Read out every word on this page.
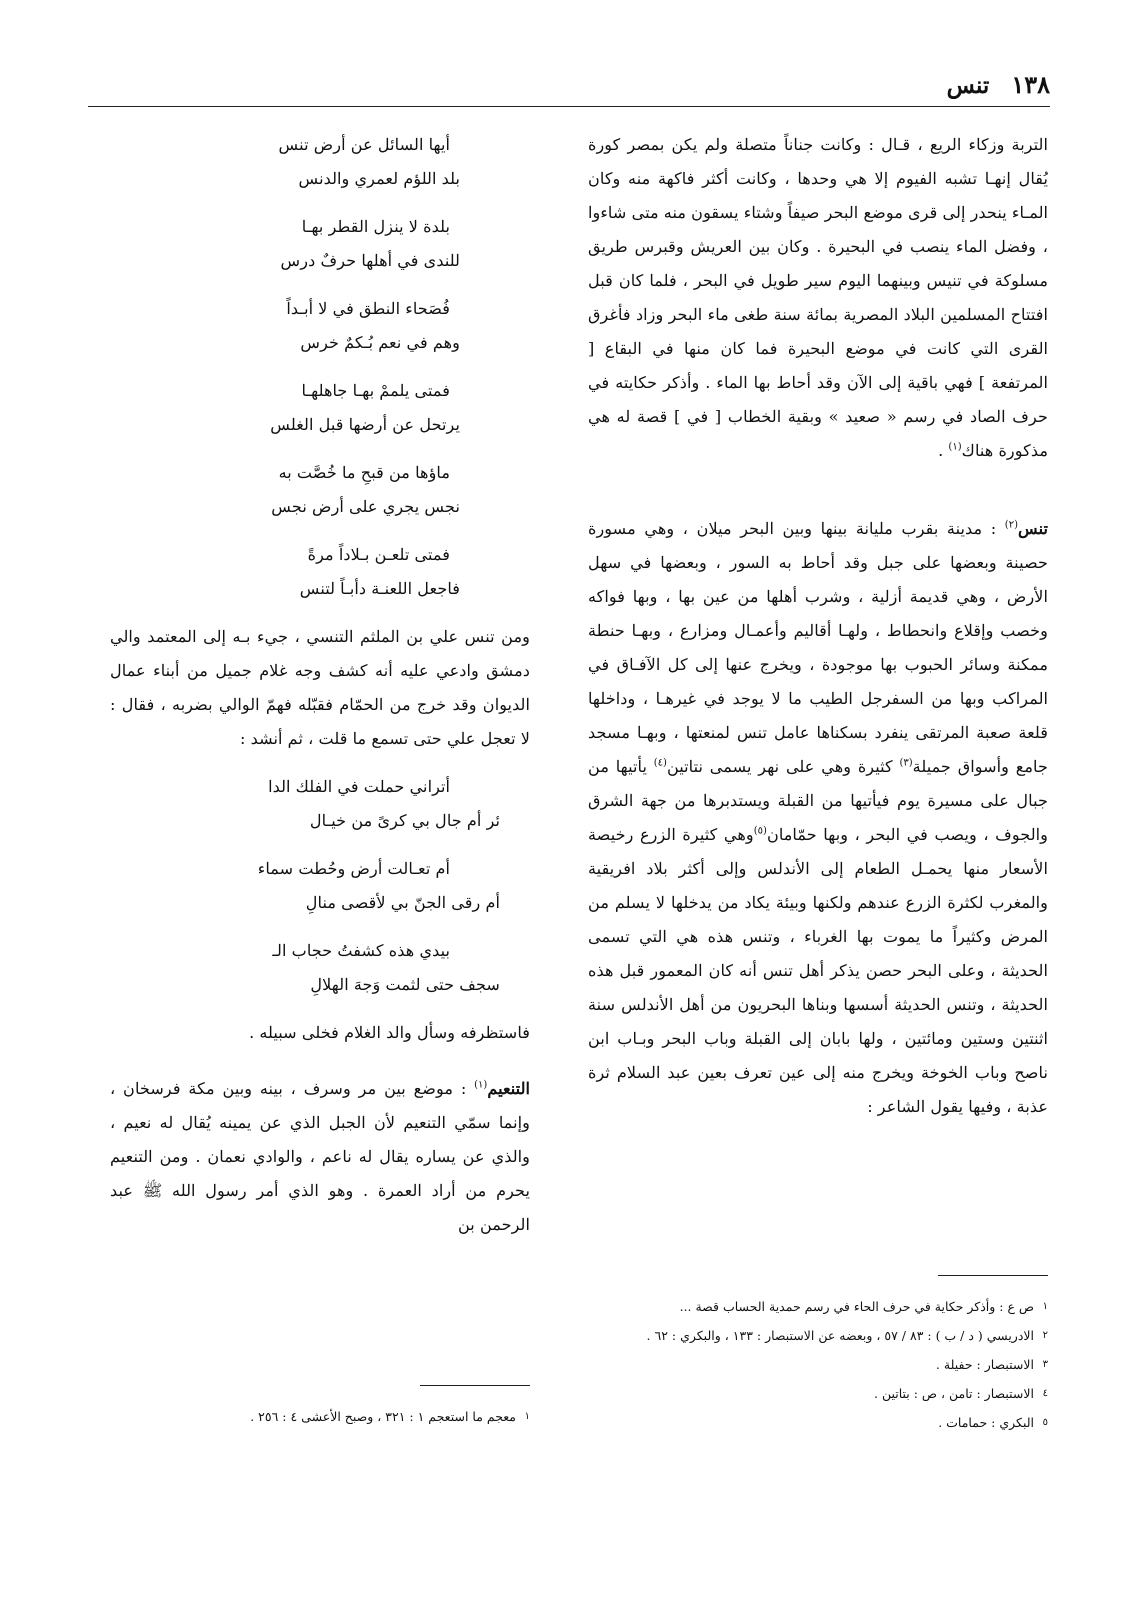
١٣٨
تنس

التربة وزكاء الريع ، قـال : وكانت جناناً متصلة ولم يكن بمصر كورة يُقال إنهـا تشبه الفيوم إلا هي وحدها ، وكانت أكثر فاكهة منه وكان المـاء ينحدر إلى قرى موضع البحر صيفاً وشتاء يسقون منه متى شاءوا ، وفضل الماء ينصب في البحيرة . وكان بين العريش وقبرس طريق مسلوكة في تنيس وبينهما اليوم سير طويل في البحر ، فلما كان قبل افتتاح المسلمين البلاد المصرية بمائة سنة طغى ماء البحر وزاد فأغرق القرى التي كانت في موضع البحيرة فما كان منها في البقاع [ المرتفعة ] فهي باقية إلى الآن وقد أحاط بها الماء . وأذكر حكايته في حرف الصاد في رسم « صعيد » وبقية الخطاب [ في ] قصة له هي مذكورة هناك$^{(١)}$ .

تنس$^{(٢)}$ : مدينة بقرب مليانة بينها وبين البحر ميلان ، وهي مسورة حصينة وبعضها على جبل وقد أحاط به السور ، وبعضها في سهل الأرض ، وهي قديمة أزلية ، وشرب أهلها من عين بها ، وبها فواكه وخصب وإقلاع وانحطاط ، ولهـا أقاليم وأعمـال ومزارع ، وبهـا حنطة ممكنة وسائر الحبوب بها موجودة ، ويخرج عنها إلى كل الآفـاق في المراكب وبها من السفرجل الطيب ما لا يوجد في غيرهـا ، وداخلها قلعة صعبة المرتقى ينفرد بسكناها عامل تنس لمنعتها ، وبهـا مسجد جامع وأسواق جميلة$^{(٣)}$ كثيرة وهي على نهر يسمى نتاتين$^{(٤)}$ يأتيها من جبال على مسيرة يوم فيأتيها من القبلة ويستدبرها من جهة الشرق والجوف ، ويصب في البحر ، وبها حمّامان$^{(٥)}$وهي كثيرة الزرع رخيصة الأسعار منها يحمـل الطعام إلى الأندلس وإلى أكثر بلاد افريقية والمغرب لكثرة الزرع عندهم ولكنها وبيئة يكاد من يدخلها لا يسلم من المرض وكثيراً ما يموت بها الغرباء ، وتنس هذه هي التي تسمى الحديثة ، وعلى البحر حصن يذكر أهل تنس أنه كان المعمور قبل هذه الحديثة ، وتنس الحديثة أسسها وبناها البحريون من أهل الأندلس سنة اثنتين وستين ومائتين ، ولها بابان إلى القبلة وباب البحر وبـاب ابن ناصح وباب الخوخة ويخرج منه إلى عين تعرف بعين عبد السلام ثرة عذبة ، وفيها يقول الشاعر :

١ص ع : وأذكر حكاية في حرف الحاء في رسم حمدية الحساب قصة ...

٢الادريسي ( د / ب ) : ٨٣ / ٥٧ ، وبعضه عن الاستبصار : ١٣٣ ، والبكري : ٦٢ .

٣الاستبصار : حفيلة .

٤الاستبصار : تامن ، ص : بتاتين .

٥البكري : حمامات .

أيها السائل عن أرض تنس

بلد اللؤم لعمري والدنس

بلدة لا ينزل القطر بهـا

للندى في أهلها حرفٌ درس

فُصَحاء النطق في لا أبـداً

وهم في نعم بُـكمٌ خرس

فمتى يلممْ بهـا جاهلهـا

يرتحل عن أرضها قبل الغلس

ماؤها من قبحِ ما خُصَّت به

نجس يجري على أرض نجس

فمتى تلعـن بـلاداً مرةً

فاجعل اللعنـة دأبـاً لتنس

ومن تنس علي بن الملثم التنسي ، جيء بـه إلى المعتمد والي دمشق وادعي عليه أنه كشف وجه غلام جميل من أبناء عمال الديوان وقد خرج من الحمّام فقبّله فهمّ الوالي بضربه ، فقال : لا تعجل علي حتى تسمع ما قلت ، ثم أنشد :

أتراني حملت في الفلك الدا

ئر أم جال بي كرىً من خيـال

أم تعـالت أرض وحُطت سماء

أم رقى الجنّ بي لأقصى منالِ

بيدي هذه كشفتُ حجاب الـ

سجف حتى لثمت وَجهَ الهلالِ

فاستظرفه وسأل والد الغلام فخلى سبيله .

التنعيم$^{(١)}$ : موضع بين مر وسرف ، بينه وبين مكة فرسخان ، وإنما سمّي التنعيم لأن الجبل الذي عن يمينه يُقال له نعيم ، والذي عن يساره يقال له ناعم ، والوادي نعمان . ومن التنعيم يحرم من أراد العمرة . وهو الذي أمر رسول الله ﷺ عبد الرحمن بن

١معجم ما استعجم ١ : ٣٢١ ، وصبح الأعشى ٤ : ٢٥٦ .
